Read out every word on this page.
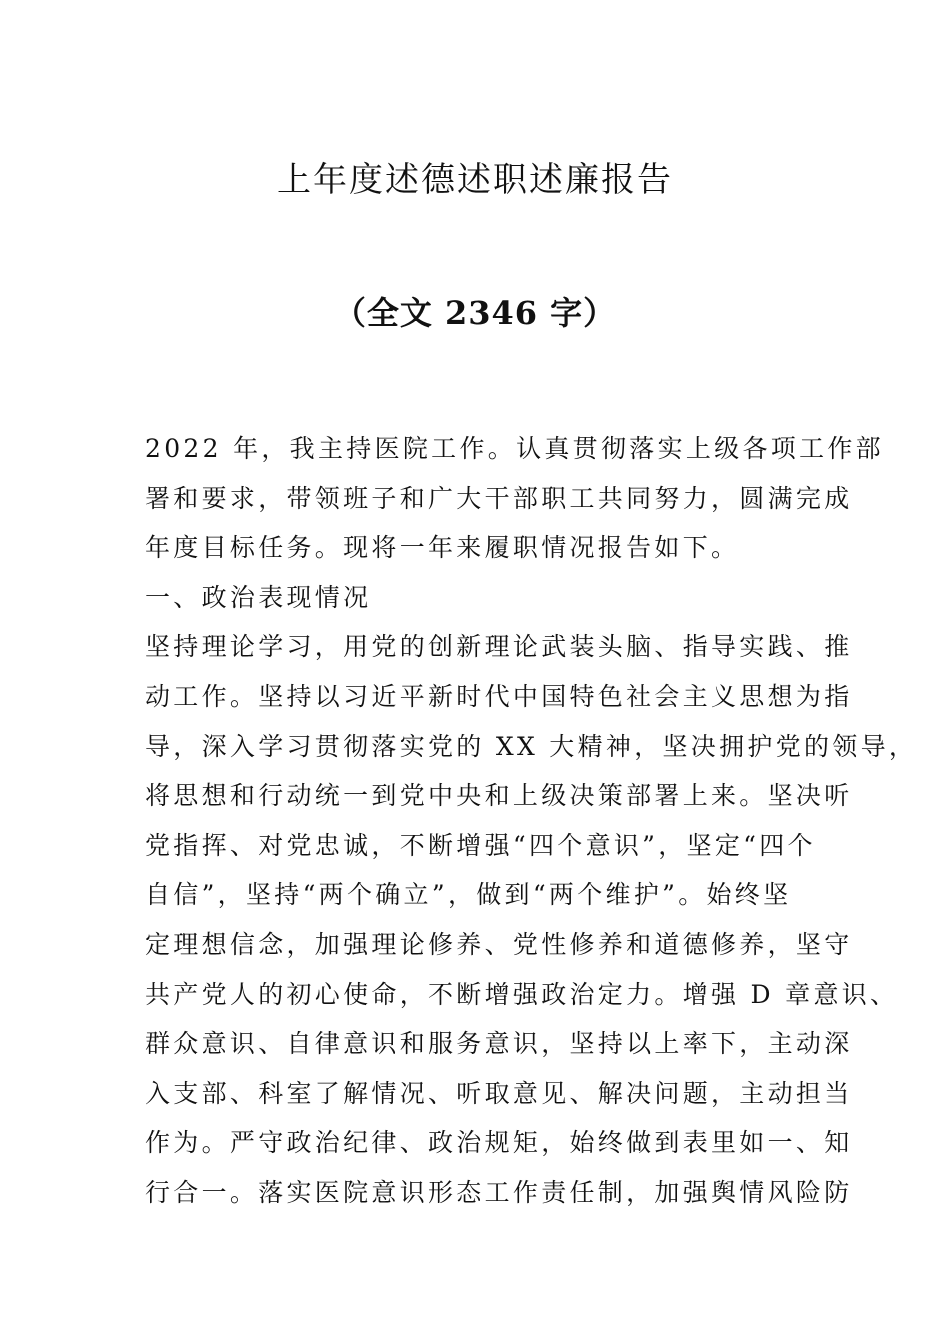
上年度述德述职述廉报告
（全文 2346 字）
2022 年，我主持医院工作。认真贯彻落实上级各项工作部
署和要求，带领班子和广大干部职工共同努力，圆满完成
年度目标任务。现将一年来履职情况报告如下。
一、政治表现情况
坚持理论学习，用党的创新理论武装头脑、指导实践、推
动工作。坚持以习近平新时代中国特色社会主义思想为指
导，深入学习贯彻落实党的 XX 大精神，坚决拥护党的领导，
将思想和行动统一到党中央和上级决策部署上来。坚决听
党指挥、对党忠诚，不断增强“四个意识”，坚定“四个
自信”，坚持“两个确立”，做到“两个维护”。始终坚
定理想信念，加强理论修养、党性修养和道德修养，坚守
共产党人的初心使命，不断增强政治定力。增强 D 章意识、
群众意识、自律意识和服务意识，坚持以上率下，主动深
入支部、科室了解情况、听取意见、解决问题，主动担当
作为。严守政治纪律、政治规矩，始终做到表里如一、知
行合一。落实医院意识形态工作责任制，加强舆情风险防
